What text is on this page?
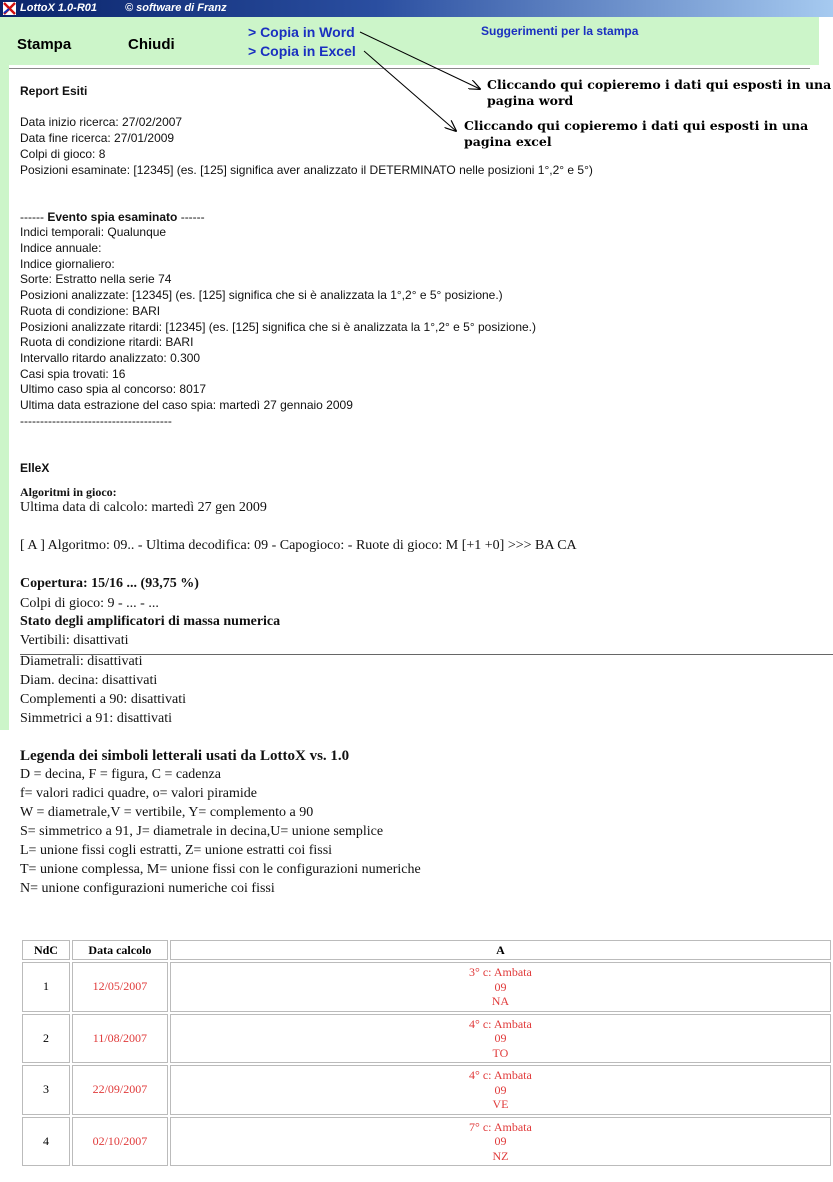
LottoX 1.0-R01	© software di Franz
Stampa	Chiudi
> Copia in Word
> Copia in Excel
Suggerimenti per la stampa
Cliccando qui copieremo i dati qui esposti in una
pagina word
Cliccando qui copieremo i dati qui esposti in una
pagina excel
Report Esiti
Data inizio ricerca: 27/02/2007
Data fine ricerca: 27/01/2009
Colpi di gioco: 8
Posizioni esaminate: [12345] (es. [125] significa aver analizzato il DETERMINATO nelle posizioni 1°,2° e 5°)
------ Evento spia esaminato ------
Indici temporali: Qualunque
Indice annuale:
Indice giornaliero:
Sorte: Estratto nella serie 74
Posizioni analizzate: [12345] (es. [125] significa che si è analizzata la 1°,2° e 5° posizione.)
Ruota di condizione: BARI
Posizioni analizzate ritardi: [12345] (es. [125] significa che si è analizzata la 1°,2° e 5° posizione.)
Ruota di condizione ritardi: BARI
Intervallo ritardo analizzato: 0.300
Casi spia trovati: 16
Ultimo caso spia al concorso: 8017
Ultima data estrazione del caso spia: martedì 27 gennaio 2009
--------------------------------------
ElleX
Algoritmi in gioco:
Ultima data di calcolo: martedì 27 gen 2009
[ A ] Algoritmo: 09.. - Ultima decodifica: 09 - Capogioco: - Ruote di gioco: M [+1 +0] >>> BA CA
Copertura: 15/16 ... (93,75 %)
Colpi di gioco: 9 - ... - ...
Stato degli amplificatori di massa numerica
Vertibili: disattivati
Diametrali: disattivati
Diam. decina: disattivati
Complementi a 90: disattivati
Simmetrici a 91: disattivati
Legenda dei simboli letterali usati da LottoX vs. 1.0
D = decina, F = figura, C = cadenza
f= valori radici quadre, o= valori piramide
W = diametrale,V = vertibile, Y= complemento a 90
S= simmetrico a 91, J= diametrale in decina,U= unione semplice
L= unione fissi cogli estratti, Z= unione estratti coi fissi
T= unione complessa, M= unione fissi con le configurazioni numeriche
N= unione configurazioni numeriche coi fissi
NdC	Data calcolo	A
1	12/05/2007	3° c: Ambata
09
NA

2	11/08/2007	4° c: Ambata
09
TO

3	22/09/2007	4° c: Ambata
09
VE

4	02/10/2007	7° c: Ambata
09
NZ
